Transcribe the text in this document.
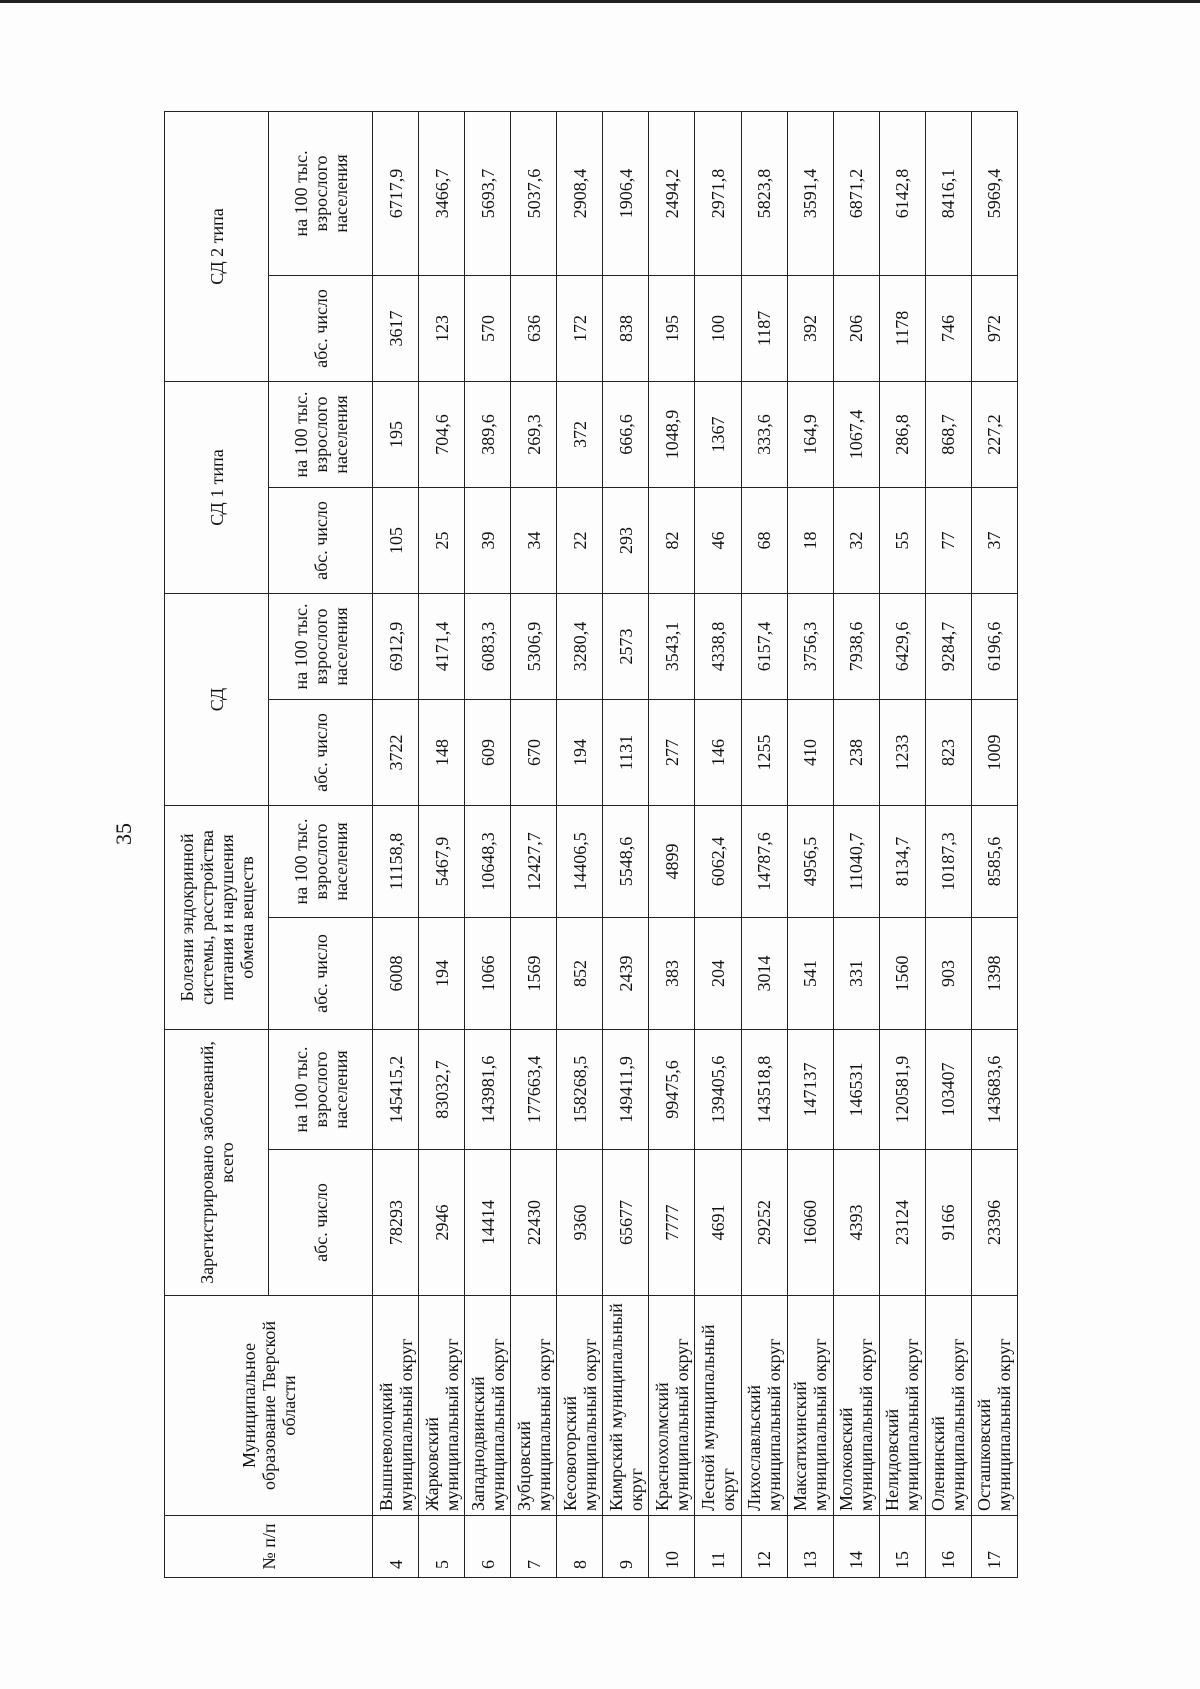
35
№ п/п	Муниципальное образование Тверской области	Зарегистрировано заболеваний, всего		Болезни эндокринной системы, расстройства питания и нарушения обмена веществ		СД		СД 1 типа		СД 2 типа	
		абс. число	на 100 тыс. взрослого населения	абс. число	на 100 тыс. взрослого населения	абс. число	на 100 тыс. взрослого населения	абс. число	на 100 тыс. взрослого населения	абс. число	на 100 тыс. взрослого населения
4	Вышневолоцкий муниципальный округ	78293	145415,2	6008	11158,8	3722	6912,9	105	195	3617	6717,9
5	Жарковский муниципальный округ	2946	83032,7	194	5467,9	148	4171,4	25	704,6	123	3466,7
6	Западнодвинский муниципальный округ	14414	143981,6	1066	10648,3	609	6083,3	39	389,6	570	5693,7
7	Зубцовский муниципальный округ	22430	177663,4	1569	12427,7	670	5306,9	34	269,3	636	5037,6
8	Кесовогорский муниципальный округ	9360	158268,5	852	14406,5	194	3280,4	22	372	172	2908,4
9	Кимрский муниципальный округ	65677	149411,9	2439	5548,6	1131	2573	293	666,6	838	1906,4
10	Краснохолмский муниципальный округ	7777	99475,6	383	4899	277	3543,1	82	1048,9	195	2494,2
11	Лесной муниципальный округ	4691	139405,6	204	6062,4	146	4338,8	46	1367	100	2971,8
12	Лихославльский муниципальный округ	29252	143518,8	3014	14787,6	1255	6157,4	68	333,6	1187	5823,8
13	Максатихинский муниципальный округ	16060	147137	541	4956,5	410	3756,3	18	164,9	392	3591,4
14	Молоковский муниципальный округ	4393	146531	331	11040,7	238	7938,6	32	1067,4	206	6871,2
15	Нелидовский муниципальный округ	23124	120581,9	1560	8134,7	1233	6429,6	55	286,8	1178	6142,8
16	Оленинский муниципальный округ	9166	103407	903	10187,3	823	9284,7	77	868,7	746	8416,1
17	Осташковский муниципальный округ	23396	143683,6	1398	8585,6	1009	6196,6	37	227,2	972	5969,4
